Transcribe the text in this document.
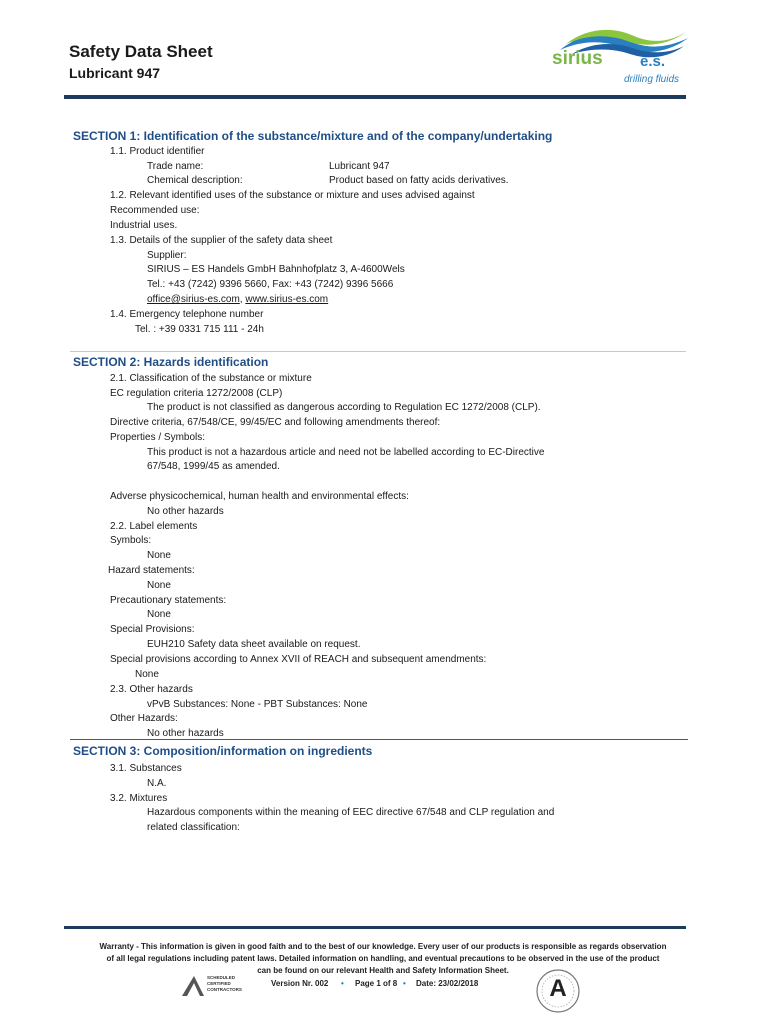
Safety Data Sheet
Lubricant 947
sirius e.s.
drilling fluids
SECTION 1: Identification of the substance/mixture and of the company/undertaking
1.1. Product identifier
Trade name:	Lubricant 947
Chemical description:	Product based on fatty acids derivatives.
1.2. Relevant identified uses of the substance or mixture and uses advised against
Recommended use:
Industrial uses.
1.3. Details of the supplier of the safety data sheet
Supplier:
SIRIUS – ES Handels GmbH Bahnhofplatz 3, A-4600Wels
Tel.: +43 (7242) 9396 5660, Fax: +43 (7242) 9396 5666
office@sirius-es.com, www.sirius-es.com
1.4. Emergency telephone number
Tel. : +39 0331 715 111 - 24h
SECTION 2: Hazards identification
2.1. Classification of the substance or mixture
EC regulation criteria 1272/2008 (CLP)
The product is not classified as dangerous according to Regulation EC 1272/2008 (CLP).
Directive criteria, 67/548/CE, 99/45/EC and following amendments thereof:
Properties / Symbols:
This product is not a hazardous article and need not be labelled according to EC-Directive
67/548, 1999/45 as amended.
Adverse physicochemical, human health and environmental effects:
No other hazards
2.2. Label elements
Symbols:
None
Hazard statements:
None
Precautionary statements:
None
Special Provisions:
EUH210 Safety data sheet available on request.
Special provisions according to Annex XVII of REACH and subsequent amendments:
None
2.3. Other hazards
vPvB Substances: None - PBT Substances: None
Other Hazards:
No other hazards
SECTION 3: Composition/information on ingredients
3.1. Substances
N.A.
3.2. Mixtures
Hazardous components within the meaning of EEC directive 67/548 and CLP regulation and
related classification:
Warranty - This information is given in good faith and to the best of our knowledge. Every user of our products is responsible as regards observation
of all legal regulations including patent laws. Detailed information on handling, and eventual precautions to be observed in the use of the product
can be found on our relevant Health and Safety Information Sheet.
SCHEDULED
CERTIFIED
CONTRACTORS
Version Nr. 002 • Page 1 of 8 • Date: 23/02/2018	A
